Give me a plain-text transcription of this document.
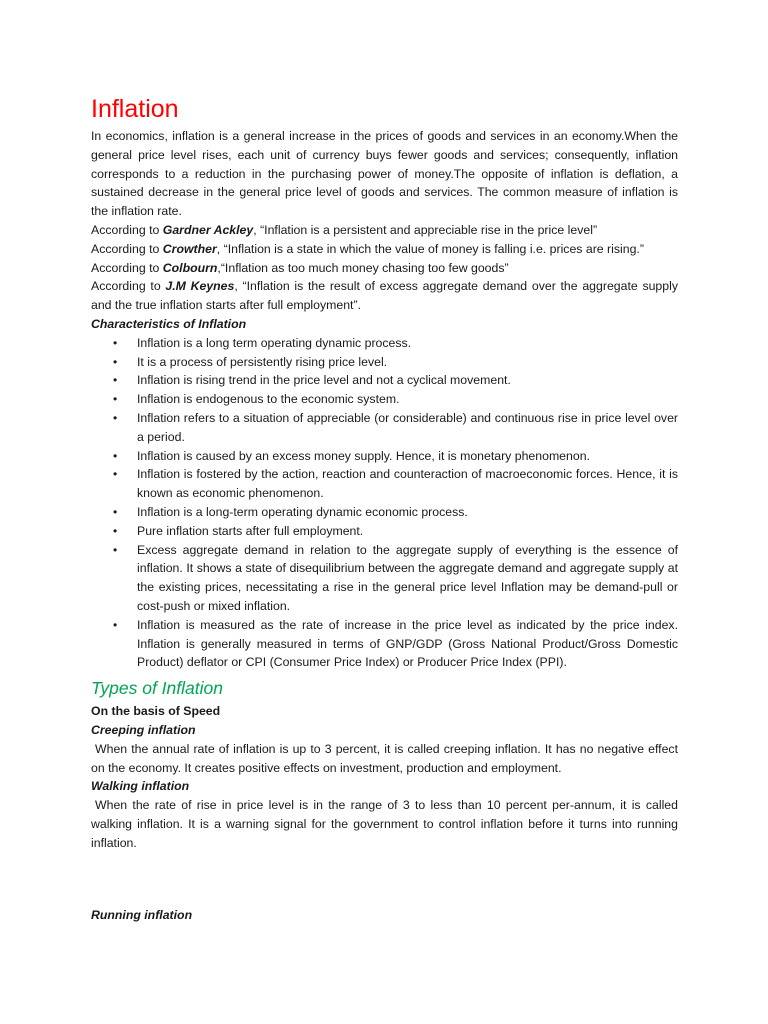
Inflation

In economics, inflation is a general increase in the prices of goods and services in an economy.When the general price level rises, each unit of currency buys fewer goods and services; consequently, inflation corresponds to a reduction in the purchasing power of money.The opposite of inflation is deflation, a sustained decrease in the general price level of goods and services. The common measure of inflation is the inflation rate.

According to Gardner Ackley, “Inflation is a persistent and appreciable rise in the price level”

According to Crowther, “Inflation is a state in which the value of money is falling i.e. prices are rising.”

According to Colbourn,“Inflation as too much money chasing too few goods”

According to J.M Keynes, “Inflation is the result of excess aggregate demand over the aggregate supply and the true inflation starts after full employment”.

Characteristics of Inflation

• Inflation is a long term operating dynamic process.
• It is a process of persistently rising price level.
• Inflation is rising trend in the price level and not a cyclical movement.
• Inflation is endogenous to the economic system.
• Inflation refers to a situation of appreciable (or considerable) and continuous rise in price level over a period.
• Inflation is caused by an excess money supply. Hence, it is monetary phenomenon.
• Inflation is fostered by the action, reaction and counteraction of macroeconomic forces. Hence, it is known as economic phenomenon.
• Inflation is a long-term operating dynamic economic process.
• Pure inflation starts after full employment.
• Excess aggregate demand in relation to the aggregate supply of everything is the essence of inflation. It shows a state of disequilibrium between the aggregate demand and aggregate supply at the existing prices, necessitating a rise in the general price level Inflation may be demand-pull or cost-push or mixed inflation.
• Inflation is measured as the rate of increase in the price level as indicated by the price index. Inflation is generally measured in terms of GNP/GDP (Gross National Product/Gross Domestic Product) deflator or CPI (Consumer Price Index) or Producer Price Index (PPI).
Types of Inflation

On the basis of Speed

Creeping inflation

When the annual rate of inflation is up to 3 percent, it is called creeping inflation. It has no negative effect on the economy. It creates positive effects on investment, production and employment.

Walking inflation

When the rate of rise in price level is in the range of 3 to less than 10 percent per-annum, it is called walking inflation. It is a warning signal for the government to control inflation before it turns into running inflation.

Running inflation
